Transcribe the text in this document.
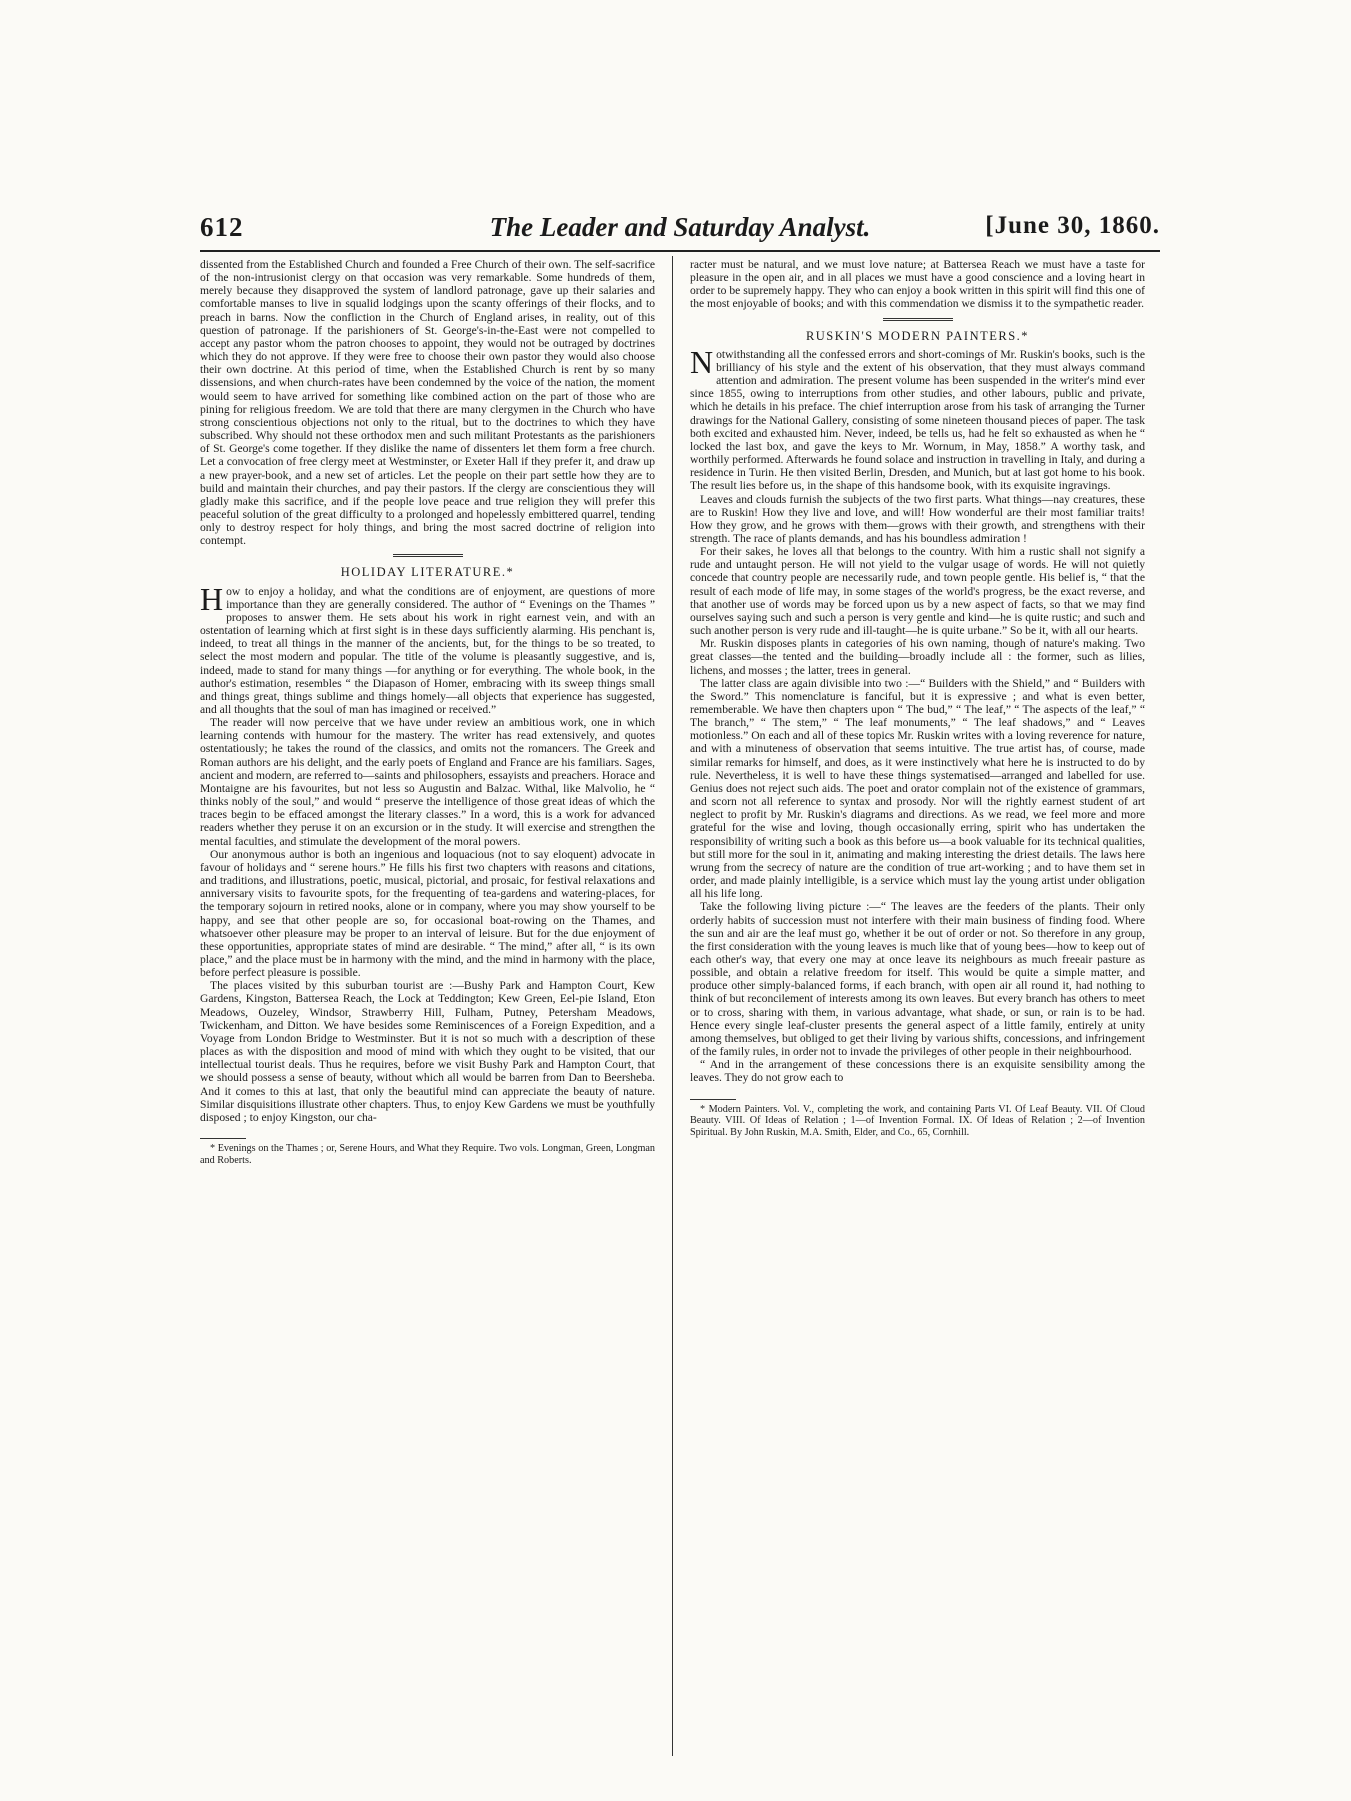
612	The Leader and Saturday Analyst.	[June 30, 1860.

dissented from the Established Church and founded a Free Church of their own. The self-sacrifice of the non-intrusionist clergy on that occasion was very remarkable. Some hundreds of them, merely because they disapproved the system of landlord patronage, gave up their salaries and comfortable manses to live in squalid lodgings upon the scanty offerings of their flocks, and to preach in barns. Now the confliction in the Church of England arises, in reality, out of this question of patronage. If the parishioners of St. George's-in-the-East were not compelled to accept any pastor whom the patron chooses to appoint, they would not be outraged by doctrines which they do not approve. If they were free to choose their own pastor they would also choose their own doctrine. At this period of time, when the Established Church is rent by so many dissensions, and when church-rates have been condemned by the voice of the nation, the moment would seem to have arrived for something like combined action on the part of those who are pining for religious freedom. We are told that there are many clergymen in the Church who have strong conscientious objections not only to the ritual, but to the doctrines to which they have subscribed. Why should not these orthodox men and such militant Protestants as the parishioners of St. George's come together. If they dislike the name of dissenters let them form a free church. Let a convocation of free clergy meet at Westminster, or Exeter Hall if they prefer it, and draw up a new prayer-book, and a new set of articles. Let the people on their part settle how they are to build and maintain their churches, and pay their pastors. If the clergy are conscientious they will gladly make this sacrifice, and if the people love peace and true religion they will prefer this peaceful solution of the great difficulty to a prolonged and hopelessly embittered quarrel, tending only to destroy respect for holy things, and bring the most sacred doctrine of religion into contempt.

HOLIDAY LITERATURE.*

How to enjoy a holiday, and what the conditions are of enjoyment, are questions of more importance than they are generally considered. The author of “ Evenings on the Thames ” proposes to answer them. He sets about his work in right earnest vein, and with an ostentation of learning which at first sight is in these days sufficiently alarming. His penchant is, indeed, to treat all things in the manner of the ancients, but, for the things to be so treated, to select the most modern and popular. The title of the volume is pleasantly suggestive, and is, indeed, made to stand for many things —for anything or for everything. The whole book, in the author's estimation, resembles “ the Diapason of Homer, embracing with its sweep things small and things great, things sublime and things homely—all objects that experience has suggested, and all thoughts that the soul of man has imagined or received.”

The reader will now perceive that we have under review an ambitious work, one in which learning contends with humour for the mastery. The writer has read extensively, and quotes ostentatiously; he takes the round of the classics, and omits not the romancers. The Greek and Roman authors are his delight, and the early poets of England and France are his familiars. Sages, ancient and modern, are referred to—saints and philosophers, essayists and preachers. Horace and Montaigne are his favourites, but not less so Augustin and Balzac. Withal, like Malvolio, he “ thinks nobly of the soul,” and would “ preserve the intelligence of those great ideas of which the traces begin to be effaced amongst the literary classes.” In a word, this is a work for advanced readers whether they peruse it on an excursion or in the study. It will exercise and strengthen the mental faculties, and stimulate the development of the moral powers.

Our anonymous author is both an ingenious and loquacious (not to say eloquent) advocate in favour of holidays and “ serene hours.” He fills his first two chapters with reasons and citations, and traditions, and illustrations, poetic, musical, pictorial, and prosaic, for festival relaxations and anniversary visits to favourite spots, for the frequenting of tea-gardens and watering-places, for the temporary sojourn in retired nooks, alone or in company, where you may show yourself to be happy, and see that other people are so, for occasional boat-rowing on the Thames, and whatsoever other pleasure may be proper to an interval of leisure. But for the due enjoyment of these opportunities, appropriate states of mind are desirable. “ The mind,” after all, “ is its own place,” and the place must be in harmony with the mind, and the mind in harmony with the place, before perfect pleasure is possible.

The places visited by this suburban tourist are :—Bushy Park and Hampton Court, Kew Gardens, Kingston, Battersea Reach, the Lock at Teddington; Kew Green, Eel-pie Island, Eton Meadows, Ouzeley, Windsor, Strawberry Hill, Fulham, Putney, Petersham Meadows, Twickenham, and Ditton. We have besides some Reminiscences of a Foreign Expedition, and a Voyage from London Bridge to Westminster. But it is not so much with a description of these places as with the disposition and mood of mind with which they ought to be visited, that our intellectual tourist deals. Thus he requires, before we visit Bushy Park and Hampton Court, that we should possess a sense of beauty, without which all would be barren from Dan to Beersheba. And it comes to this at last, that only the beautiful mind can appreciate the beauty of nature. Similar disquisitions illustrate other chapters. Thus, to enjoy Kew Gardens we must be youthfully disposed ; to enjoy Kingston, our cha-

* Evenings on the Thames ; or, Serene Hours, and What they Require. Two vols. Longman, Green, Longman and Roberts.

racter must be natural, and we must love nature; at Battersea Reach we must have a taste for pleasure in the open air, and in all places we must have a good conscience and a loving heart in order to be supremely happy. They who can enjoy a book written in this spirit will find this one of the most enjoyable of books; and with this commendation we dismiss it to the sympathetic reader.

RUSKIN'S MODERN PAINTERS.*

Notwithstanding all the confessed errors and short-comings of Mr. Ruskin's books, such is the brilliancy of his style and the extent of his observation, that they must always command attention and admiration. The present volume has been suspended in the writer's mind ever since 1855, owing to interruptions from other studies, and other labours, public and private, which he details in his preface. The chief interruption arose from his task of arranging the Turner drawings for the National Gallery, consisting of some nineteen thousand pieces of paper. The task both excited and exhausted him. Never, indeed, be tells us, had he felt so exhausted as when he “ locked the last box, and gave the keys to Mr. Wornum, in May, 1858.” A worthy task, and worthily performed. Afterwards he found solace and instruction in travelling in Italy, and during a residence in Turin. He then visited Berlin, Dresden, and Munich, but at last got home to his book. The result lies before us, in the shape of this handsome book, with its exquisite ingravings.

Leaves and clouds furnish the subjects of the two first parts. What things—nay creatures, these are to Ruskin! How they live and love, and will! How wonderful are their most familiar traits! How they grow, and he grows with them—grows with their growth, and strengthens with their strength. The race of plants demands, and has his boundless admiration !

For their sakes, he loves all that belongs to the country. With him a rustic shall not signify a rude and untaught person. He will not yield to the vulgar usage of words. He will not quietly concede that country people are necessarily rude, and town people gentle. His belief is, “ that the result of each mode of life may, in some stages of the world's progress, be the exact reverse, and that another use of words may be forced upon us by a new aspect of facts, so that we may find ourselves saying such and such a person is very gentle and kind—he is quite rustic; and such and such another person is very rude and ill-taught—he is quite urbane.” So be it, with all our hearts.

Mr. Ruskin disposes plants in categories of his own naming, though of nature's making. Two great classes—the tented and the building—broadly include all : the former, such as lilies, lichens, and mosses ; the latter, trees in general.

The latter class are again divisible into two :—“ Builders with the Shield,” and “ Builders with the Sword.” This nomenclature is fanciful, but it is expressive ; and what is even better, rememberable. We have then chapters upon “ The bud,” “ The leaf,” “ The aspects of the leaf,” “ The branch,” “ The stem,” “ The leaf monuments,” “ The leaf shadows,” and “ Leaves motionless.” On each and all of these topics Mr. Ruskin writes with a loving reverence for nature, and with a minuteness of observation that seems intuitive. The true artist has, of course, made similar remarks for himself, and does, as it were instinctively what here he is instructed to do by rule. Nevertheless, it is well to have these things systematised—arranged and labelled for use. Genius does not reject such aids. The poet and orator complain not of the existence of grammars, and scorn not all reference to syntax and prosody. Nor will the rightly earnest student of art neglect to profit by Mr. Ruskin's diagrams and directions. As we read, we feel more and more grateful for the wise and loving, though occasionally erring, spirit who has undertaken the responsibility of writing such a book as this before us—a book valuable for its technical qualities, but still more for the soul in it, animating and making interesting the driest details. The laws here wrung from the secrecy of nature are the condition of true art-working ; and to have them set in order, and made plainly intelligible, is a service which must lay the young artist under obligation all his life long.

Take the following living picture :—“ The leaves are the feeders of the plants. Their only orderly habits of succession must not interfere with their main business of finding food. Where the sun and air are the leaf must go, whether it be out of order or not. So therefore in any group, the first consideration with the young leaves is much like that of young bees—how to keep out of each other's way, that every one may at once leave its neighbours as much freeair pasture as possible, and obtain a relative freedom for itself. This would be quite a simple matter, and produce other simply-balanced forms, if each branch, with open air all round it, had nothing to think of but reconcilement of interests among its own leaves. But every branch has others to meet or to cross, sharing with them, in various advantage, what shade, or sun, or rain is to be had. Hence every single leaf-cluster presents the general aspect of a little family, entirely at unity among themselves, but obliged to get their living by various shifts, concessions, and infringement of the family rules, in order not to invade the privileges of other people in their neighbourhood.

“ And in the arrangement of these concessions there is an exquisite sensibility among the leaves. They do not grow each to

* Modern Painters. Vol. V., completing the work, and containing Parts VI. Of Leaf Beauty. VII. Of Cloud Beauty. VIII. Of Ideas of Relation ; 1—of Invention Formal. IX. Of Ideas of Relation ; 2—of Invention Spiritual. By John Ruskin, M.A. Smith, Elder, and Co., 65, Cornhill.
